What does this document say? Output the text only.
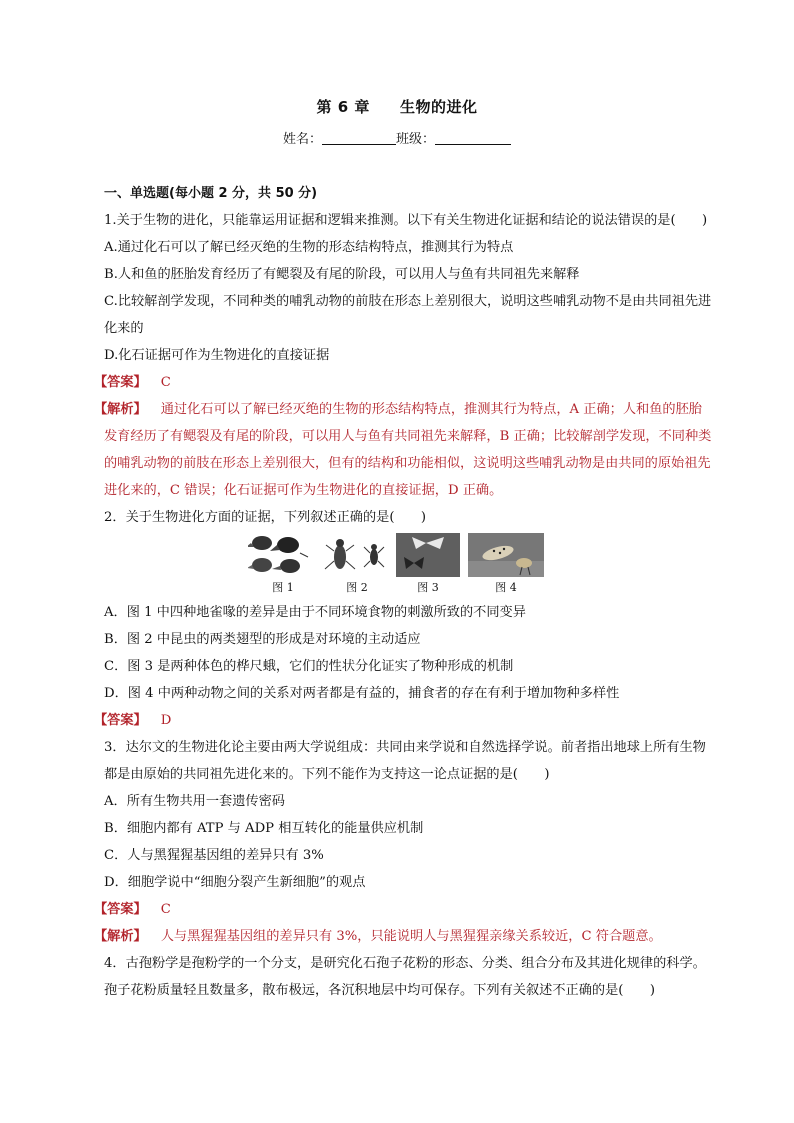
第 6 章 生物的进化
姓名：	班级：

一、单选题(每小题 2 分，共 50 分)

1.关于生物的进化，只能靠运用证据和逻辑来推测。以下有关生物进化证据和结论的说法错误的是(　　)

A.通过化石可以了解已经灭绝的生物的形态结构特点，推测其行为特点

B.人和鱼的胚胎发育经历了有鳃裂及有尾的阶段，可以用人与鱼有共同祖先来解释

C.比较解剖学发现，不同种类的哺乳动物的前肢在形态上差别很大，说明这些哺乳动物不是由共同祖先进

化来的

D.化石证据可作为生物进化的直接证据

【答案】 C

【解析】 通过化石可以了解已经灭绝的生物的形态结构特点，推测其行为特点，A 正确；人和鱼的胚胎

发育经历了有鳃裂及有尾的阶段，可以用人与鱼有共同祖先来解释，B 正确；比较解剖学发现，不同种类

的哺乳动物的前肢在形态上差别很大，但有的结构和功能相似，这说明这些哺乳动物是由共同的原始祖先

进化来的，C 错误；化石证据可作为生物进化的直接证据，D 正确。

2．关于生物进化方面的证据，下列叙述正确的是(　　)

图 1	图 2	图 3	图 4

A．图 1 中四种地雀喙的差异是由于不同环境食物的刺激所致的不同变异

B．图 2 中昆虫的两类翅型的形成是对环境的主动适应

C．图 3 是两种体色的桦尺蛾，它们的性状分化证实了物种形成的机制

D．图 4 中两种动物之间的关系对两者都是有益的，捕食者的存在有利于增加物种多样性

【答案】 D

3．达尔文的生物进化论主要由两大学说组成：共同由来学说和自然选择学说。前者指出地球上所有生物

都是由原始的共同祖先进化来的。下列不能作为支持这一论点证据的是(　　)

A．所有生物共用一套遗传密码

B．细胞内都有 ATP 与 ADP 相互转化的能量供应机制

C．人与黑猩猩基因组的差异只有 3%

D．细胞学说中“细胞分裂产生新细胞”的观点

【答案】 C

【解析】 人与黑猩猩基因组的差异只有 3%，只能说明人与黑猩猩亲缘关系较近，C 符合题意。

4．古孢粉学是孢粉学的一个分支，是研究化石孢子花粉的形态、分类、组合分布及其进化规律的科学。

孢子花粉质量轻且数量多，散布极远，各沉积地层中均可保存。下列有关叙述不正确的是(　　)
